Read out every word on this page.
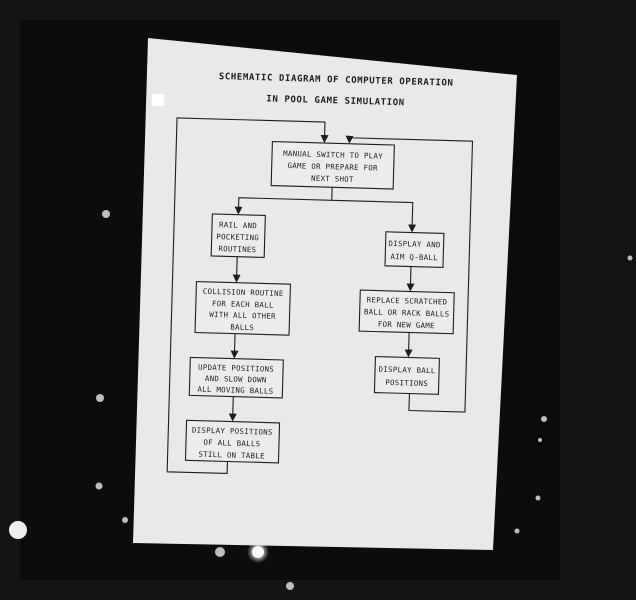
SCHEMATIC DIAGRAM OF COMPUTER OPERATION
IN POOL GAME SIMULATION
MANUAL SWITCH TO PLAY
GAME OR PREPARE FOR
NEXT SHOT
RAIL AND
POCKETING
ROUTINES	DISPLAY AND
AIM Q-BALL
COLLISION ROUTINE
FOR EACH BALL
WITH ALL OTHER
BALLS
REPLACE SCRATCHED
BALL OR RACK BALLS
FOR NEW GAME
UPDATE POSITIONS
AND SLOW DOWN
ALL MOVING BALLS
DISPLAY BALL
POSITIONS
DISPLAY POSITIONS
OF ALL BALLS
STILL ON TABLE
